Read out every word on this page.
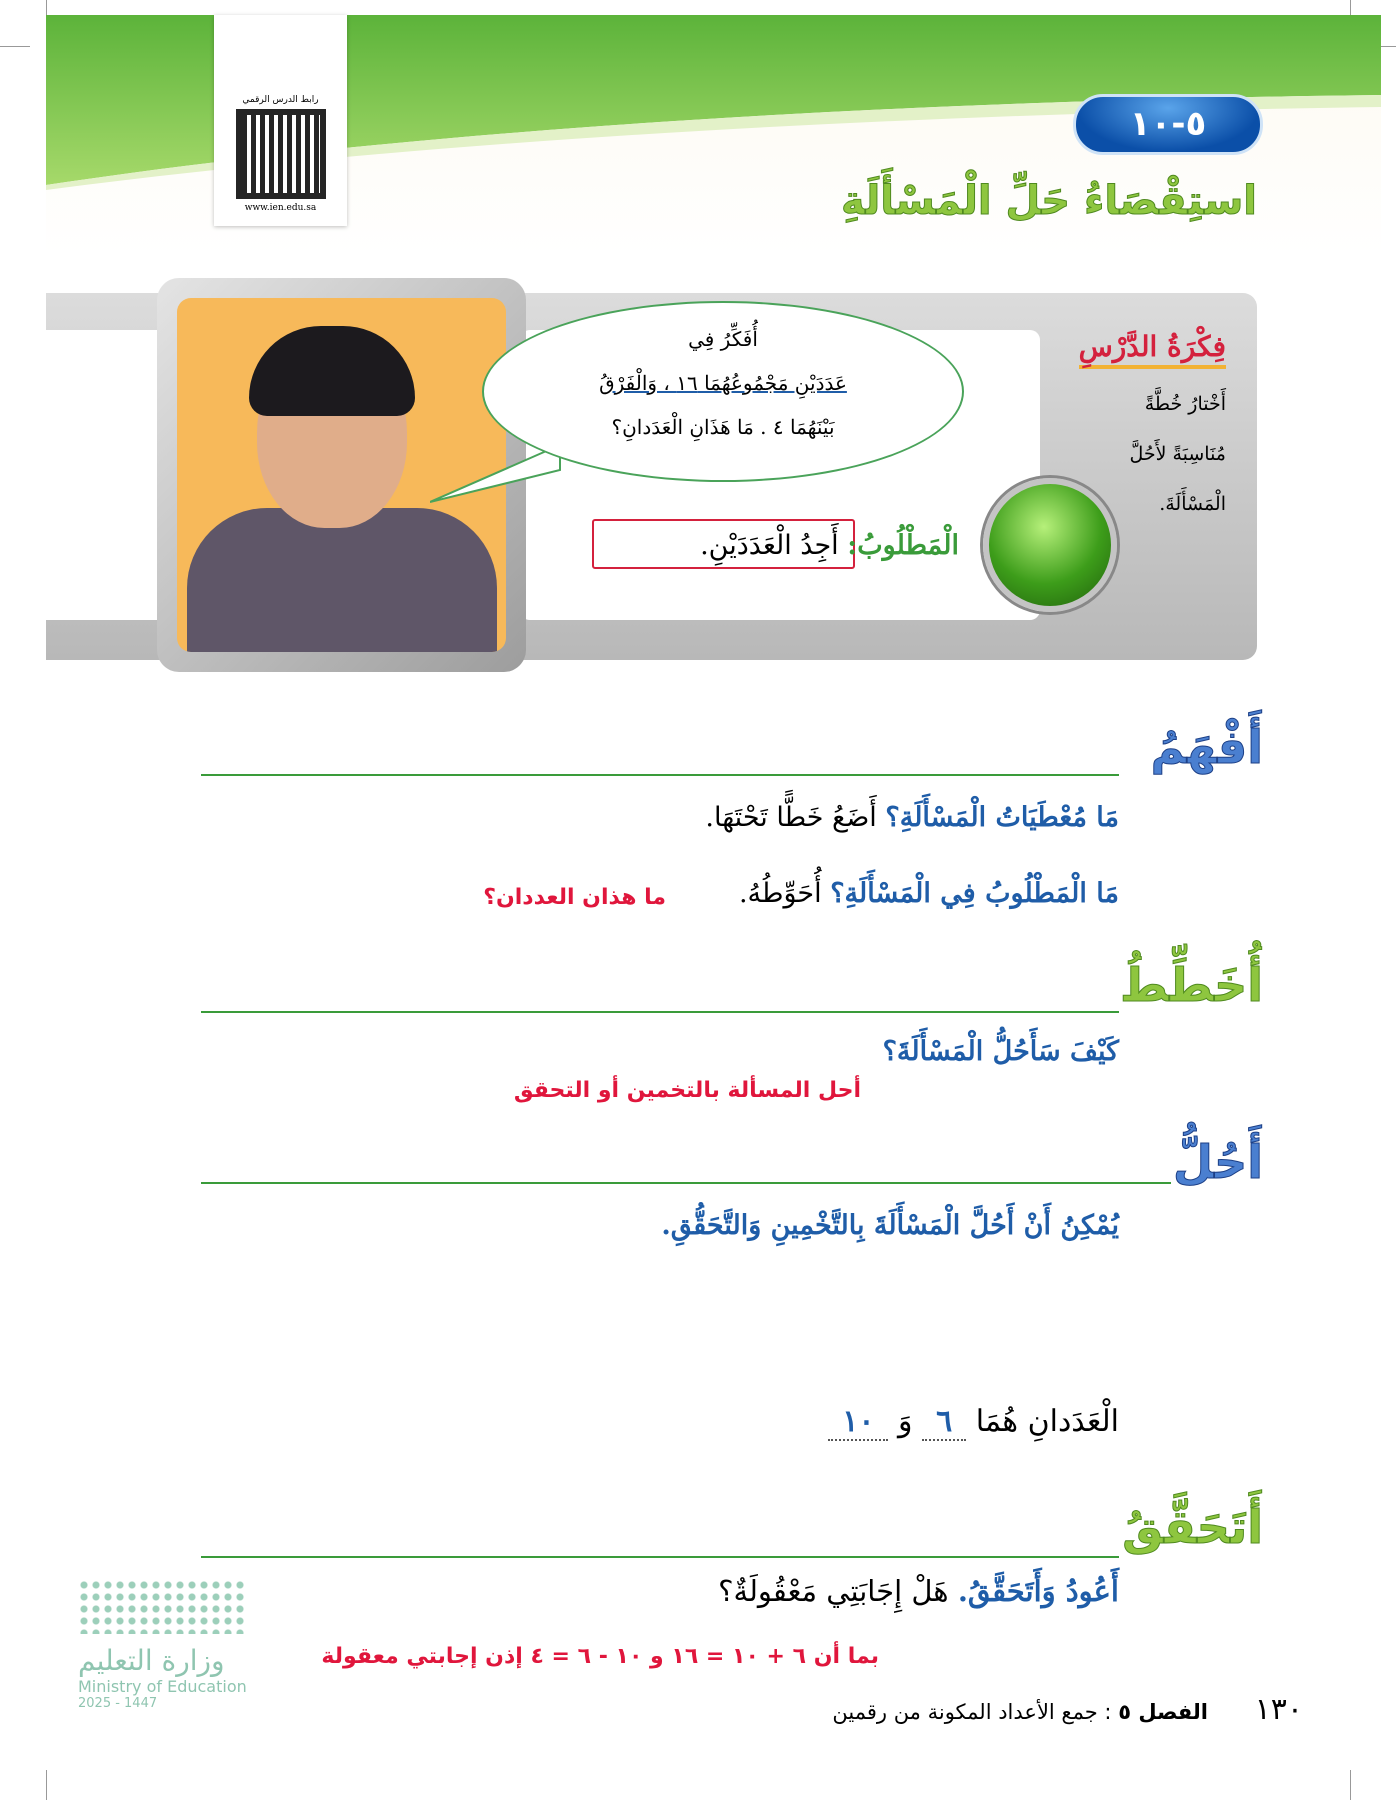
رابط الدرس الرقمي
www.ien.edu.sa
٥-١٠
استِقْصَاءُ حَلِّ الْمَسْأَلَةِ
أُفَكِّرُ فِي
عَدَدَيْنِ مَجْمُوعُهُمَا ١٦ ، وَالْفَرْقُ
بَيْنَهُمَا ٤ . مَا هَذَانِ الْعَدَدانِ؟
الْمَطْلُوبُ: أَجِدُ الْعَدَدَيْنِ.
فِكْرَةُ الدَّرْسِ

أَخْتارُ خُطَّةً

مُنَاسِبَةً لأَحُلَّ

الْمَسْأَلَةَ.

أَفْهَمُ
مَا مُعْطَيَاتُ الْمَسْأَلَةِ؟ أَضَعُ خَطًّا تَحْتَهَا.
مَا الْمَطْلُوبُ فِي الْمَسْأَلَةِ؟ أُحَوِّطُهُ.
ما هذان العددان؟
أُخَطِّطُ
كَيْفَ سَأَحُلُّ الْمَسْأَلَةَ؟
أحل المسألة بالتخمين أو التحقق
أَحُلُّ
يُمْكِنُ أَنْ أَحُلَّ الْمَسْأَلَةَ بِالتَّخْمِينِ وَالتَّحَقُّقِ.
الْعَدَدانِ هُمَا ٦ وَ ١٠
أَتَحَقَّقُ
أَعُودُ وَأَتَحَقَّقُ. هَلْ إِجَابَتِي مَعْقُولَةٌ؟
بما أن ٦ + ١٠ = ١٦ و ١٠ - ٦ = ٤ إذن إجابتي معقولة
وزارة التعليم
Ministry of Education
2025 - 1447	١٣٠ الفصل ٥ : جمع الأعداد المكونة من رقمين
